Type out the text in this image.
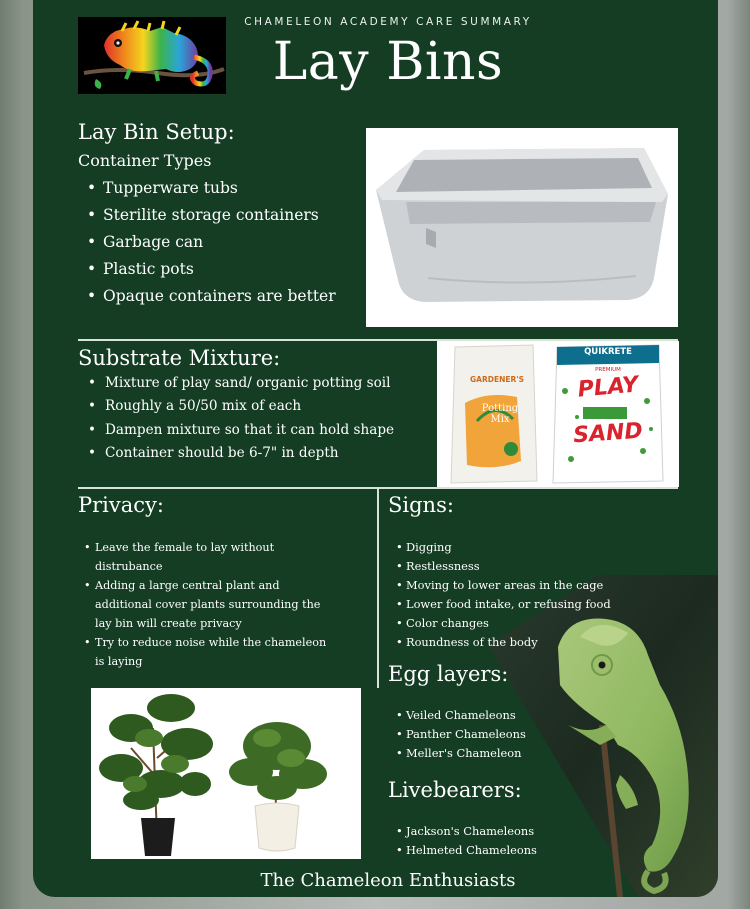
CHAMELEON ACADEMY CARE SUMMARY
Lay Bins
Lay Bin Setup:
Container Types
• Tupperware tubs
• Sterilite storage containers
• Garbage can
• Plastic pots
• Opaque containers are better
Substrate Mixture:
• Mixture of play sand/ organic potting soil
• Roughly a 50/50 mix of each
• Dampen mixture so that it can hold shape
• Container should be 6-7" in depth
GARDENER'S
Potting
Mix
QUIKRETE
PREMIUM
PLAY
SAND
Privacy:
• Leave the female to lay without distrubance
• Adding a large central plant and additional cover plants surrounding the lay bin will create privacy
• Try to reduce noise while the chameleon is laying
Signs:
• Digging
• Restlessness
• Moving to lower areas in the cage
• Lower food intake, or refusing food
• Color changes
• Roundness of the body
Egg layers:
• Veiled Chameleons
• Panther Chameleons
• Meller's Chameleon
Livebearers:
• Jackson's Chameleons
• Helmeted Chameleons
The Chameleon Enthusiasts
